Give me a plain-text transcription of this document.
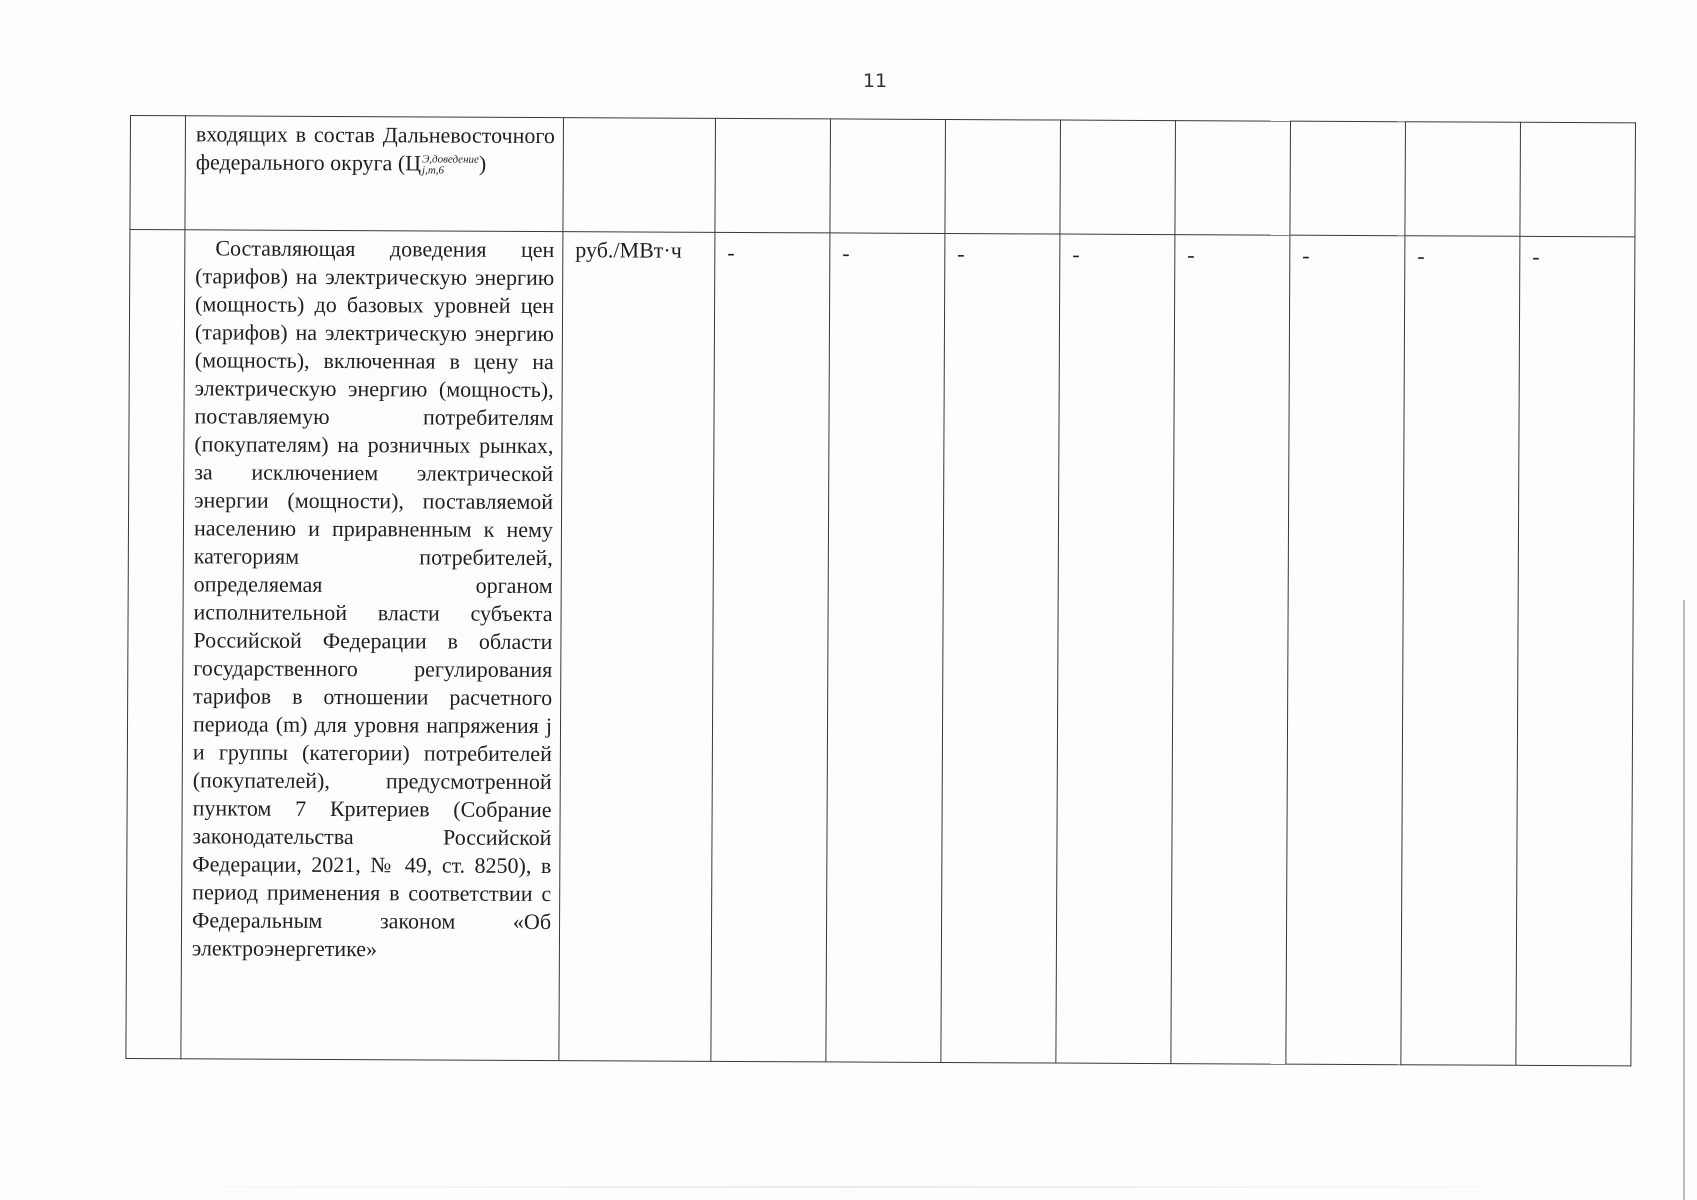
11

	входящих в состав Дальневосточного федерального округа (Ц Э,доведение
j,m,6 )									

	Составляющая доведения цен (тарифов) на электрическую энергию (мощность) до базовых уровней цен (тарифов) на электрическую энергию (мощность), включенная в цену на электрическую энергию (мощность), поставляемую потребителям (покупателям) на розничных рынках, за исключением электрической энергии (мощности), поставляемой населению и приравненным к нему категориям потребителей, определяемая органом исполнительной власти субъекта Российской Федерации в области государственного регулирования тарифов в отношении расчетного периода (m) для уровня напряжения j и группы (категории) потребителей (покупателей), предусмотренной пунктом 7 Критериев (Собрание законодательства Российской Федерации, 2021, № 49, ст. 8250), в период применения в соответствии с Федеральным законом «Об электроэнергетике»	руб./МВт·ч	-	-	-	-	-	-	-	-
